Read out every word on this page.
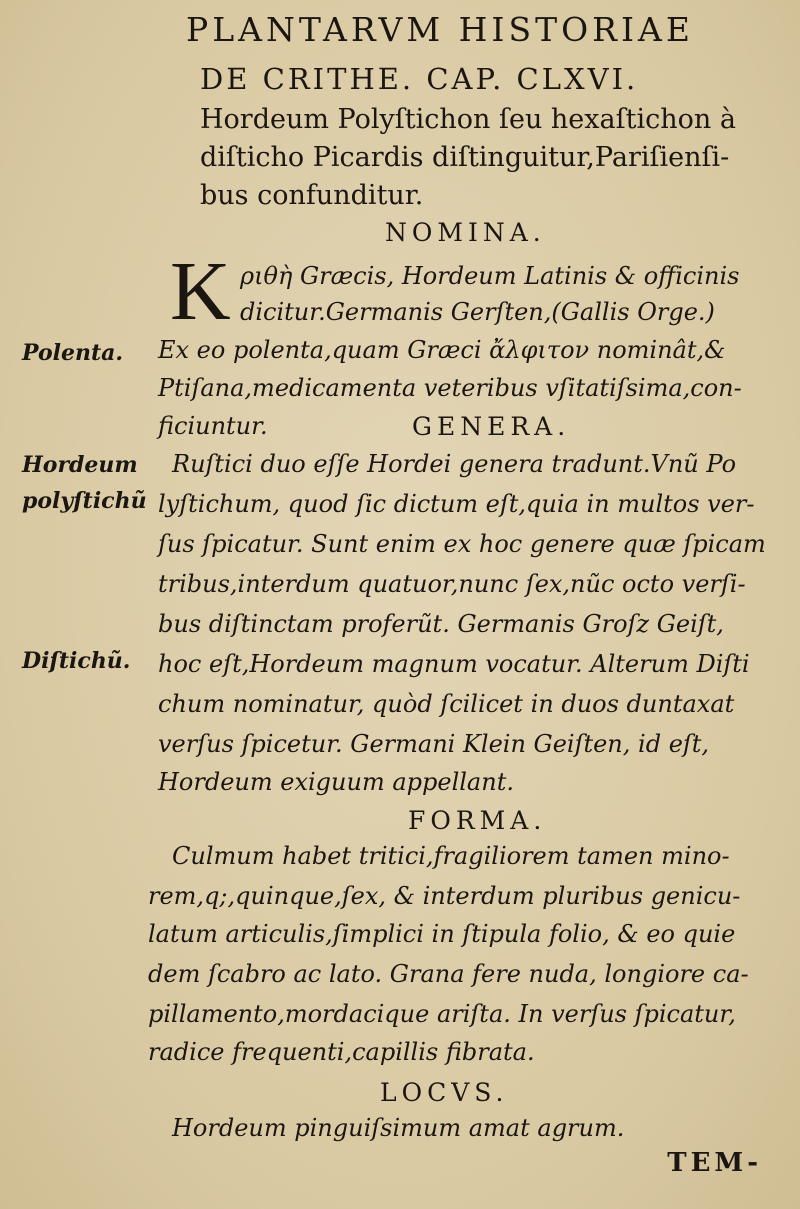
PLANTARVM HISTORIAE
DE CRITHE. CAP. CLXVI.
Hordeum Polyſtichon ſeu hexaſtichon à
diſticho Picardis diſtinguitur,Pariſienſi-
bus confunditur.
NOMINA.
K ριθὴ Græcis, Hordeum Latinis & officinis
dicitur.Germanis Gerſten,(Gallis Orge.)
Ex eo polenta,quam Græci ἄλφιτον nominât,&
Ptiſana,medicamenta veteribus vſitatiſsima,con-
ficiuntur.	GENERA.
Ruſtici duo eſſe Hordei genera tradunt.Vnũ Po
lyſtichum, quod ſic dictum eſt,quia in multos ver-
ſus ſpicatur. Sunt enim ex hoc genere quæ ſpicam
tribus,interdum quatuor,nunc ſex,nũc octo verſi-
bus diſtinctam proferũt. Germanis Groſz Geiſt,
hoc eſt,Hordeum magnum vocatur. Alterum Diſti
chum nominatur, quòd ſcilicet in duos duntaxat
verſus ſpicetur. Germani Klein Geiſten, id eſt,
Hordeum exiguum appellant.
FORMA.
Culmum habet tritici,fragiliorem tamen mino-
rem,q;,quinque,ſex, & interdum pluribus genicu-
latum articulis,ſimplici in ſtipula folio, & eo quie
dem ſcabro ac lato. Grana fere nuda, longiore ca-
pillamento,mordacique ariſta. In verſus ſpicatur,
radice frequenti,capillis fibrata.
LOCVS.
Hordeum pinguiſsimum amat agrum.
TEM-
Polenta.
Hordeum
polyſtichũ
Diſtichũ.
